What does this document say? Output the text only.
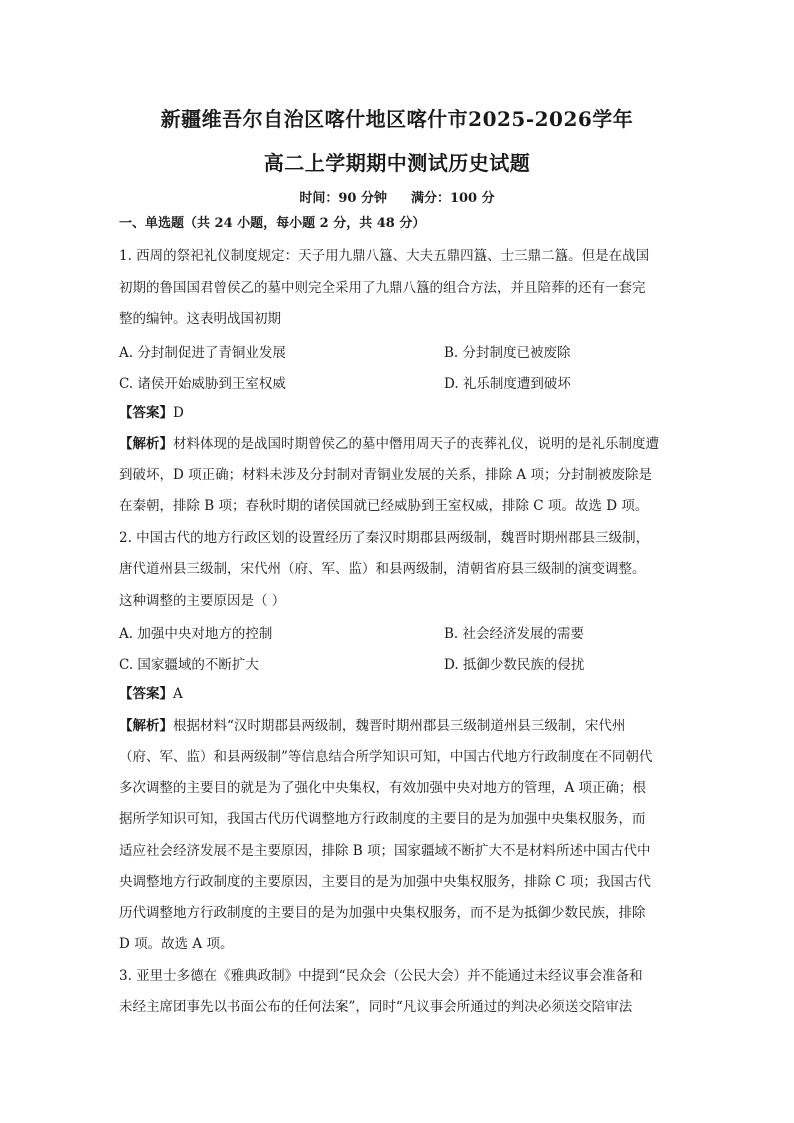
新疆维吾尔自治区喀什地区喀什市2025-2026学年
高二上学期期中测试历史试题
时间：90 分钟 满分：100 分
一、单选题（共 24 小题，每小题 2 分，共 48 分）
1. 西周的祭祀礼仪制度规定：天子用九鼎八簋、大夫五鼎四簋、士三鼎二簋。但是在战国
初期的鲁国国君曾侯乙的墓中则完全采用了九鼎八簋的组合方法，并且陪葬的还有一套完
整的编钟。这表明战国初期
A. 分封制促进了青铜业发展	B. 分封制度已被废除
C. 诸侯开始威胁到王室权威	D. 礼乐制度遭到破坏
【答案】D
【解析】材料体现的是战国时期曾侯乙的墓中僭用周天子的丧葬礼仪，说明的是礼乐制度遭
到破坏，D 项正确；材料未涉及分封制对青铜业发展的关系，排除 A 项；分封制被废除是
在秦朝，排除 B 项；春秋时期的诸侯国就已经威胁到王室权威，排除 C 项。故选 D 项。
2. 中国古代的地方行政区划的设置经历了秦汉时期郡县两级制，魏晋时期州郡县三级制，
唐代道州县三级制，宋代州（府、军、监）和县两级制，清朝省府县三级制的演变调整。
这种调整的主要原因是（ ）
A. 加强中央对地方的控制	B. 社会经济发展的需要
C. 国家疆域的不断扩大	D. 抵御少数民族的侵扰
【答案】A
【解析】根据材料“汉时期郡县两级制，魏晋时期州郡县三级制道州县三级制，宋代州
（府、军、监）和县两级制”等信息结合所学知识可知，中国古代地方行政制度在不同朝代
多次调整的主要目的就是为了强化中央集权，有效加强中央对地方的管理，A 项正确；根
据所学知识可知，我国古代历代调整地方行政制度的主要目的是为加强中央集权服务，而
适应社会经济发展不是主要原因，排除 B 项；国家疆域不断扩大不是材料所述中国古代中
央调整地方行政制度的主要原因，主要目的是为加强中央集权服务，排除 C 项；我国古代
历代调整地方行政制度的主要目的是为加强中央集权服务，而不是为抵御少数民族，排除
D 项。故选 A 项。
3. 亚里士多德在《雅典政制》中提到“民众会（公民大会）并不能通过未经议事会准备和
未经主席团事先以书面公布的任何法案”，同时“凡议事会所通过的判决必须送交陪审法
